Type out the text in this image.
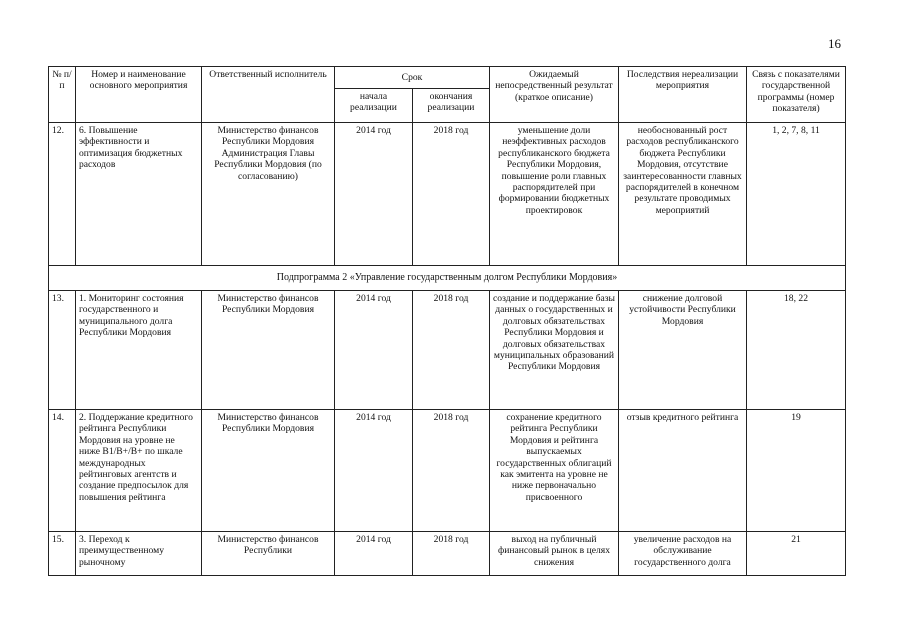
16
№ п/п	Номер и наименование основного мероприятия	Ответственный исполнитель	Срок		Ожидаемый непосредственный результат (краткое описание)	Последствия нереализации мероприятия	Связь с показателями государственной программы (номер показателя)
			начала реализации	окончания реализации			
12.	6. Повышение эффективности и оптимизация бюджетных расходов	Министерство финансов Республики Мордовия Администрация Главы Республики Мордовия (по согласованию)	2014 год	2018 год	уменьшение доли неэффективных расходов республиканского бюджета Республики Мордовия, повышение роли главных распорядителей при формировании бюджетных проектировок	необоснованный рост расходов республиканского бюджета Республики Мордовия, отсутствие заинтересованности главных распорядителей в конечном результате проводимых мероприятий	1, 2, 7, 8, 11
Подпрограмма 2 «Управление государственным долгом Республики Мордовия»							
13.	1. Мониторинг состояния государственного и муниципального долга Республики Мордовия	Министерство финансов Республики Мордовия	2014 год	2018 год	создание и поддержание базы данных о государственных и долговых обязательствах Республики Мордовия и долговых обязательствах муниципальных образований Республики Мордовия	снижение долговой устойчивости Республики Мордовия	18, 22
14.	2. Поддержание кредитного рейтинга Республики Мордовия на уровне не ниже B1/B+/B+ по шкале международных рейтинговых агентств и создание предпосылок для повышения рейтинга	Министерство финансов Республики Мордовия	2014 год	2018 год	сохранение кредитного рейтинга Республики Мордовия и рейтинга выпускаемых государственных облигаций как эмитента на уровне не ниже первоначально присвоенного	отзыв кредитного рейтинга	19
15.	3. Переход к преимущественному рыночному	Министерство финансов Республики	2014 год	2018 год	выход на публичный финансовый рынок в целях снижения	увеличение расходов на обслуживание государственного долга	21
